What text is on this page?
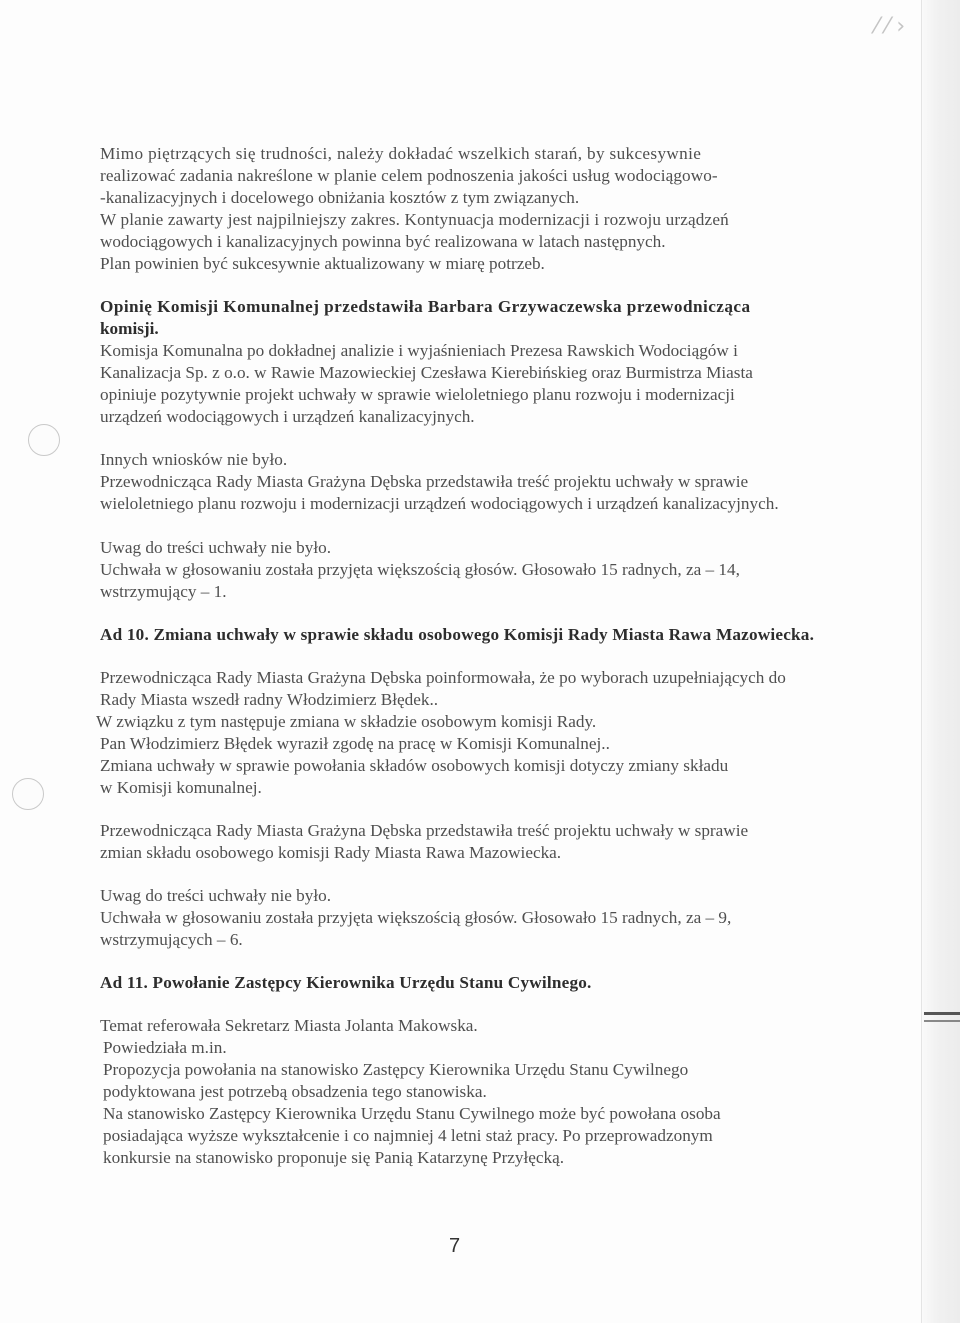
⁄ ⁄ ›

Mimo piętrzących się trudności, należy dokładać wszelkich starań, by sukcesywnie

realizować zadania nakreślone w planie celem podnoszenia jakości usług wodociągowo-

-kanalizacyjnych i docelowego obniżania kosztów z tym związanych.

W planie zawarty jest najpilniejszy zakres. Kontynuacja modernizacji i rozwoju urządzeń

wodociągowych i kanalizacyjnych powinna być realizowana w latach następnych.

Plan powinien być sukcesywnie aktualizowany w miarę potrzeb.

Opinię Komisji Komunalnej przedstawiła Barbara Grzywaczewska przewodnicząca

komisji.

Komisja Komunalna po dokładnej analizie i wyjaśnieniach Prezesa Rawskich Wodociągów i

Kanalizacja Sp. z o.o. w Rawie Mazowieckiej Czesława Kierebińskieg oraz Burmistrza Miasta

opiniuje pozytywnie projekt uchwały w sprawie wieloletniego planu rozwoju i modernizacji

urządzeń wodociągowych i urządzeń kanalizacyjnych.

Innych wniosków nie było.

Przewodnicząca Rady Miasta Grażyna Dębska przedstawiła treść projektu uchwały w sprawie

wieloletniego planu rozwoju i modernizacji urządzeń wodociągowych i urządzeń kanalizacyjnych.

Uwag do treści uchwały nie było.

Uchwała w głosowaniu została przyjęta większością głosów. Głosowało 15 radnych, za – 14,

wstrzymujący – 1.

Ad 10. Zmiana uchwały w sprawie składu osobowego Komisji Rady Miasta Rawa Mazowiecka.

Przewodnicząca Rady Miasta Grażyna Dębska poinformowała, że po wyborach uzupełniających do

Rady Miasta wszedł radny Włodzimierz Błędek..

W związku z tym następuje zmiana w składzie osobowym komisji Rady.

Pan Włodzimierz Błędek wyraził zgodę na pracę w Komisji Komunalnej..

Zmiana uchwały w sprawie powołania składów osobowych komisji dotyczy zmiany składu

w Komisji komunalnej.

Przewodnicząca Rady Miasta Grażyna Dębska przedstawiła treść projektu uchwały w sprawie

zmian składu osobowego komisji Rady Miasta Rawa Mazowiecka.

Uwag do treści uchwały nie było.

Uchwała w głosowaniu została przyjęta większością głosów. Głosowało 15 radnych, za – 9,

wstrzymujących – 6.

Ad 11. Powołanie Zastępcy Kierownika Urzędu Stanu Cywilnego.

Temat referowała Sekretarz Miasta Jolanta Makowska.

Powiedziała m.in.

Propozycja powołania na stanowisko Zastępcy Kierownika Urzędu Stanu Cywilnego

podyktowana jest potrzebą obsadzenia tego stanowiska.

Na stanowisko Zastępcy Kierownika Urzędu Stanu Cywilnego może być powołana osoba

posiadająca wyższe wykształcenie i co najmniej 4 letni staż pracy. Po przeprowadzonym

konkursie na stanowisko proponuje się Panią Katarzynę Przyłęcką.

7
